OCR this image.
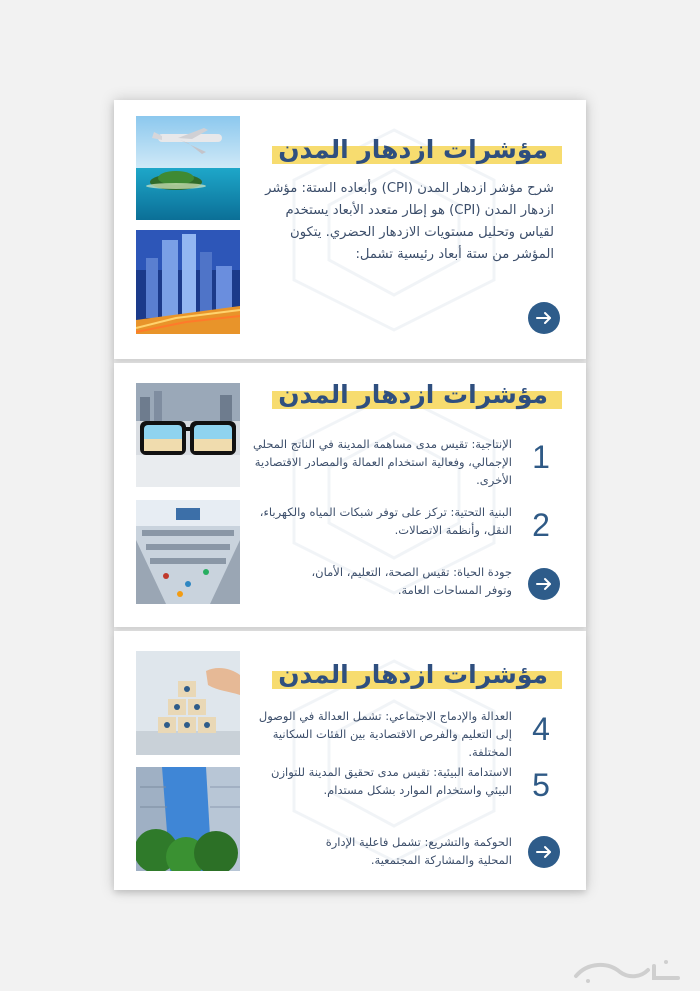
مؤشرات ازدهار المدن
شرح مؤشر ازدهار المدن (CPI) وأبعاده الستة: مؤشر ازدهار المدن (CPI) هو إطار متعدد الأبعاد يستخدم لقياس وتحليل مستويات الازدهار الحضري. يتكون المؤشر من ستة أبعاد رئيسية تشمل:
مؤشرات ازدهار المدن
1
الإنتاجية: تقيس مدى مساهمة المدينة في الناتج المحلي الإجمالي، وفعالية استخدام العمالة والمصادر الاقتصادية الأخرى.
2
البنية التحتية: تركز على توفر شبكات المياه والكهرباء، النقل، وأنظمة الاتصالات.
جودة الحياة: تقيس الصحة، التعليم، الأمان، وتوفر المساحات العامة.
مؤشرات ازدهار المدن
4
العدالة والإدماج الاجتماعي: تشمل العدالة في الوصول إلى التعليم والفرص الاقتصادية بين الفئات السكانية المختلفة.
5
الاستدامة البيئية: تقيس مدى تحقيق المدينة للتوازن البيئي واستخدام الموارد بشكل مستدام.
الحوكمة والتشريع: تشمل فاعلية الإدارة المحلية والمشاركة المجتمعية.
